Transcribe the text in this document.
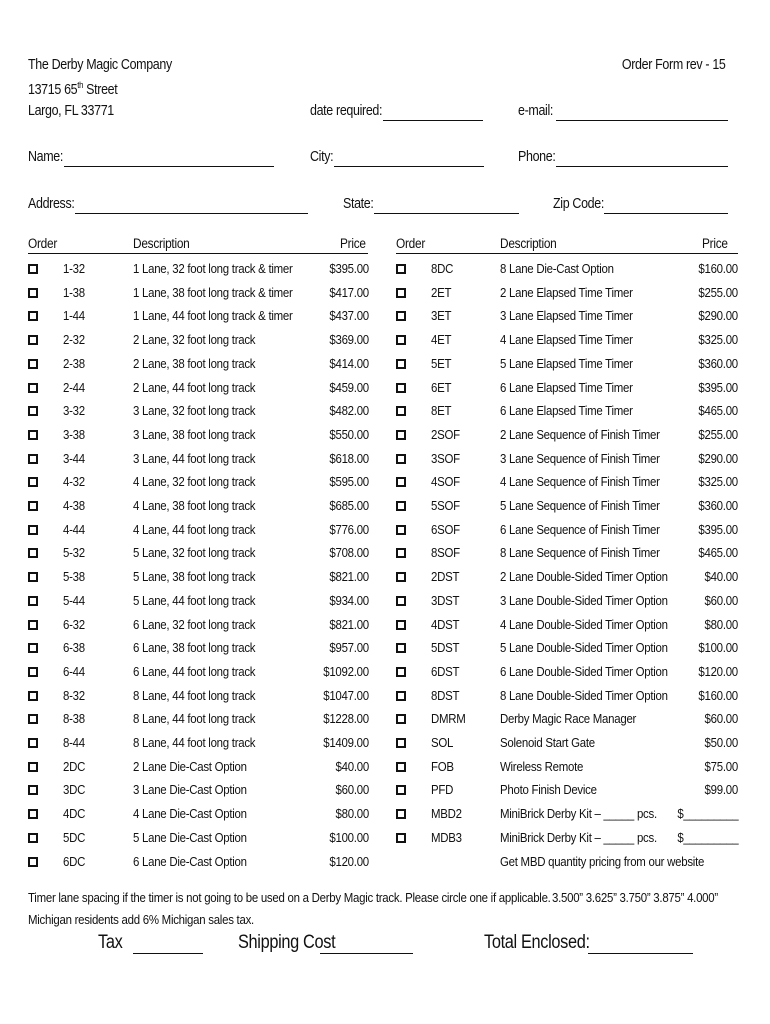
The Derby Magic Company
13715 65th Street
Largo, FL 33771
Order Form rev - 15
date required:	e-mail:
Name:	City:	Phone:
Address:	State:	Zip Code:
Order	Description	Price Order	Description	Price
1-32	1 Lane, 32 foot long track & timer	$395.00	8DC	8 Lane Die-Cast Option	$160.00
1-38	1 Lane, 38 foot long track & timer	$417.00	2ET	2 Lane Elapsed Time Timer	$255.00
1-44	1 Lane, 44 foot long track & timer	$437.00	3ET	3 Lane Elapsed Time Timer	$290.00
2-32	2 Lane, 32 foot long track	$369.00	4ET	4 Lane Elapsed Time Timer	$325.00
2-38	2 Lane, 38 foot long track	$414.00	5ET	5 Lane Elapsed Time Timer	$360.00
2-44	2 Lane, 44 foot long track	$459.00	6ET	6 Lane Elapsed Time Timer	$395.00
3-32	3 Lane, 32 foot long track	$482.00	8ET	6 Lane Elapsed Time Timer	$465.00
3-38	3 Lane, 38 foot long track	$550.00	2SOF	2 Lane Sequence of Finish Timer	$255.00
3-44	3 Lane, 44 foot long track	$618.00	3SOF	3 Lane Sequence of Finish Timer	$290.00
4-32	4 Lane, 32 foot long track	$595.00	4SOF	4 Lane Sequence of Finish Timer	$325.00
4-38	4 Lane, 38 foot long track	$685.00	5SOF	5 Lane Sequence of Finish Timer	$360.00
4-44	4 Lane, 44 foot long track	$776.00	6SOF	6 Lane Sequence of Finish Timer	$395.00
5-32	5 Lane, 32 foot long track	$708.00	8SOF	8 Lane Sequence of Finish Timer	$465.00
5-38	5 Lane, 38 foot long track	$821.00	2DST	2 Lane Double-Sided Timer Option	$40.00
5-44	5 Lane, 44 foot long track	$934.00	3DST	3 Lane Double-Sided Timer Option	$60.00
6-32	6 Lane, 32 foot long track	$821.00	4DST	4 Lane Double-Sided Timer Option	$80.00
6-38	6 Lane, 38 foot long track	$957.00	5DST	5 Lane Double-Sided Timer Option $100.00
6-44	6 Lane, 44 foot long track	$1092.00	6DST	6 Lane Double-Sided Timer Option $120.00
8-32	8 Lane, 44 foot long track	$1047.00	8DST	8 Lane Double-Sided Timer Option $160.00
8-38	8 Lane, 44 foot long track	$1228.00	DMRM	Derby Magic Race Manager	$60.00
8-44	8 Lane, 44 foot long track	$1409.00	SOL	Solenoid Start Gate	$50.00
2DC	2 Lane Die-Cast Option	$40.00	FOB	Wireless Remote	$75.00
3DC	3 Lane Die-Cast Option	$60.00	PFD	Photo Finish Device	$99.00
4DC	4 Lane Die-Cast Option	$80.00	MBD2	MiniBrick Derby Kit – _____ pcs. $_________
5DC	5 Lane Die-Cast Option	$100.00	MDB3	MiniBrick Derby Kit – _____ pcs. $_________
6DC	6 Lane Die-Cast Option	$120.00	Get MBD quantity pricing from our website
Timer lane spacing if the timer is not going to be used on a Derby Magic track. Please circle one if applicable. 3.500” 3.625” 3.750” 3.875” 4.000”
Michigan residents add 6% Michigan sales tax.
Tax	Shipping Cost	Total Enclosed:
